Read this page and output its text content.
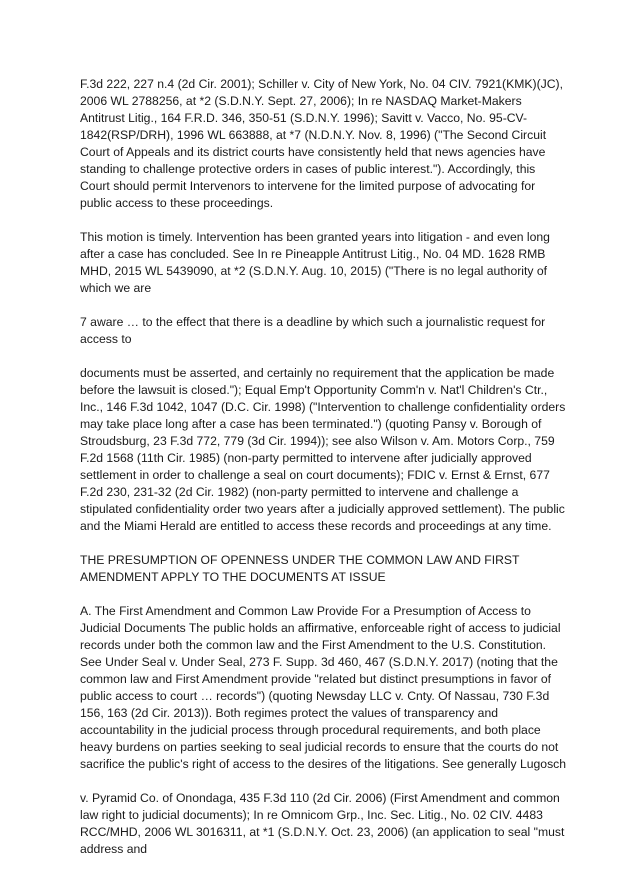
F.3d 222, 227 n.4 (2d Cir. 2001); Schiller v. City of New York, No. 04 CIV. 7921(KMK)(JC), 2006 WL 2788256, at *2 (S.D.N.Y. Sept. 27, 2006); In re NASDAQ Market-Makers Antitrust Litig., 164 F.R.D. 346, 350-51 (S.D.N.Y. 1996); Savitt v. Vacco, No. 95-CV-1842(RSP/DRH), 1996 WL 663888, at *7 (N.D.N.Y. Nov. 8, 1996) ("The Second Circuit Court of Appeals and its district courts have consistently held that news agencies have standing to challenge protective orders in cases of public interest."). Accordingly, this Court should permit Intervenors to intervene for the limited purpose of advocating for public access to these proceedings.

This motion is timely. Intervention has been granted years into litigation - and even long after a case has concluded. See In re Pineapple Antitrust Litig., No. 04 MD. 1628 RMB MHD, 2015 WL 5439090, at *2 (S.D.N.Y. Aug. 10, 2015) ("There is no legal authority of which we are

7 aware … to the effect that there is a deadline by which such a journalistic request for access to

documents must be asserted, and certainly no requirement that the application be made before the lawsuit is closed."); Equal Emp't Opportunity Comm'n v. Nat'l Children's Ctr., Inc., 146 F.3d 1042, 1047 (D.C. Cir. 1998) ("Intervention to challenge confidentiality orders may take place long after a case has been terminated.") (quoting Pansy v. Borough of Stroudsburg, 23 F.3d 772, 779 (3d Cir. 1994)); see also Wilson v. Am. Motors Corp., 759 F.2d 1568 (11th Cir. 1985) (non-party permitted to intervene after judicially approved settlement in order to challenge a seal on court documents); FDIC v. Ernst & Ernst, 677 F.2d 230, 231-32 (2d Cir. 1982) (non-party permitted to intervene and challenge a stipulated confidentiality order two years after a judicially approved settlement). The public and the Miami Herald are entitled to access these records and proceedings at any time.

THE PRESUMPTION OF OPENNESS UNDER THE COMMON LAW AND FIRST AMENDMENT APPLY TO THE DOCUMENTS AT ISSUE

A. The First Amendment and Common Law Provide For a Presumption of Access to Judicial Documents The public holds an affirmative, enforceable right of access to judicial records under both the common law and the First Amendment to the U.S. Constitution. See Under Seal v. Under Seal, 273 F. Supp. 3d 460, 467 (S.D.N.Y. 2017) (noting that the common law and First Amendment provide "related but distinct presumptions in favor of public access to court … records") (quoting Newsday LLC v. Cnty. Of Nassau, 730 F.3d 156, 163 (2d Cir. 2013)). Both regimes protect the values of transparency and accountability in the judicial process through procedural requirements, and both place heavy burdens on parties seeking to seal judicial records to ensure that the courts do not sacrifice the public's right of access to the desires of the litigations. See generally Lugosch

v. Pyramid Co. of Onondaga, 435 F.3d 110 (2d Cir. 2006) (First Amendment and common law right to judicial documents); In re Omnicom Grp., Inc. Sec. Litig., No. 02 CIV. 4483 RCC/MHD, 2006 WL 3016311, at *1 (S.D.N.Y. Oct. 23, 2006) (an application to seal "must address and
